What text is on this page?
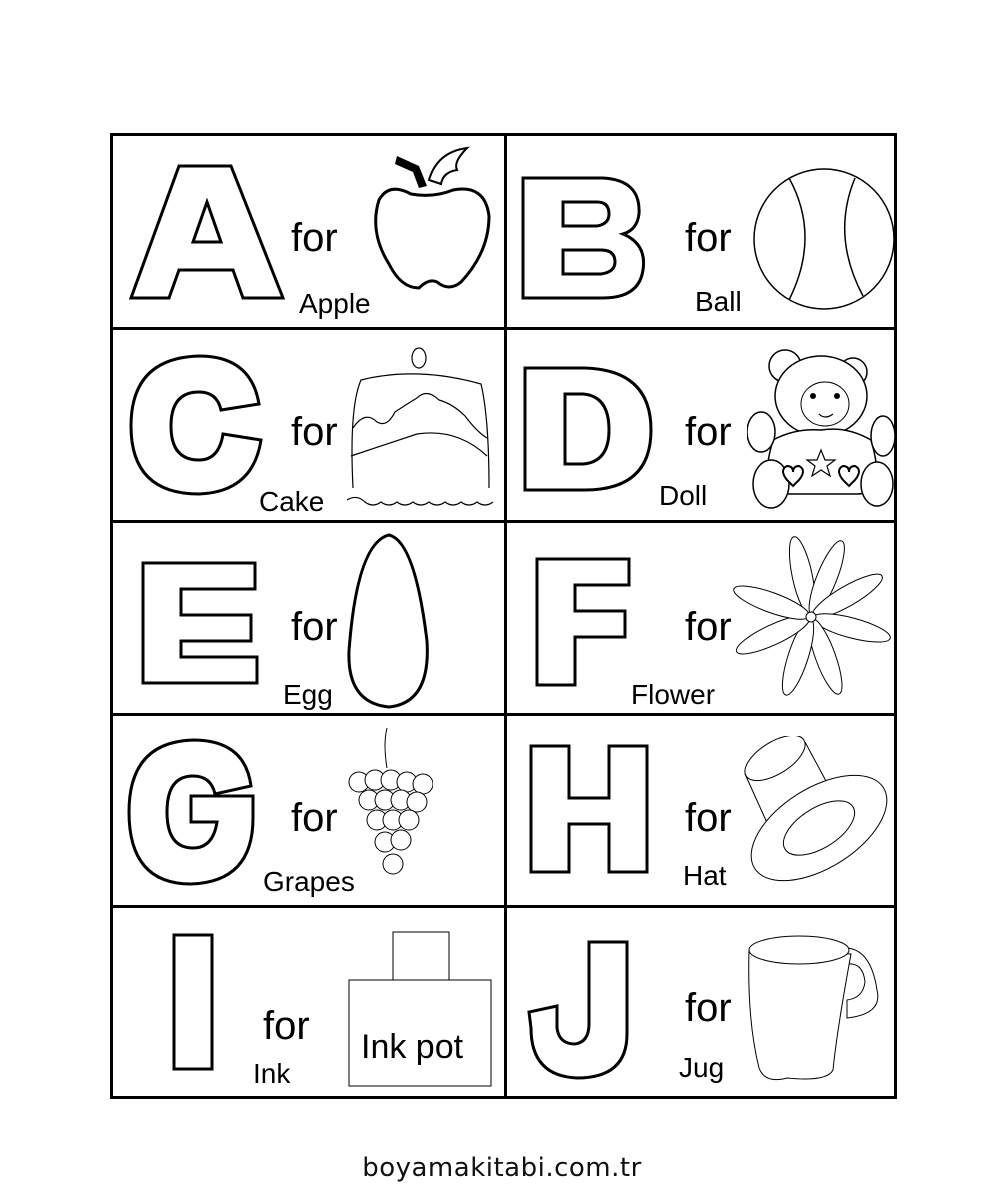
for
Apple
for
Ball
for
Cake
for
Doll
for
Egg
for
Flower
for
Grapes
for
Hat
for
Ink
Ink pot
for
Jug
boyamakitabi.com.tr
